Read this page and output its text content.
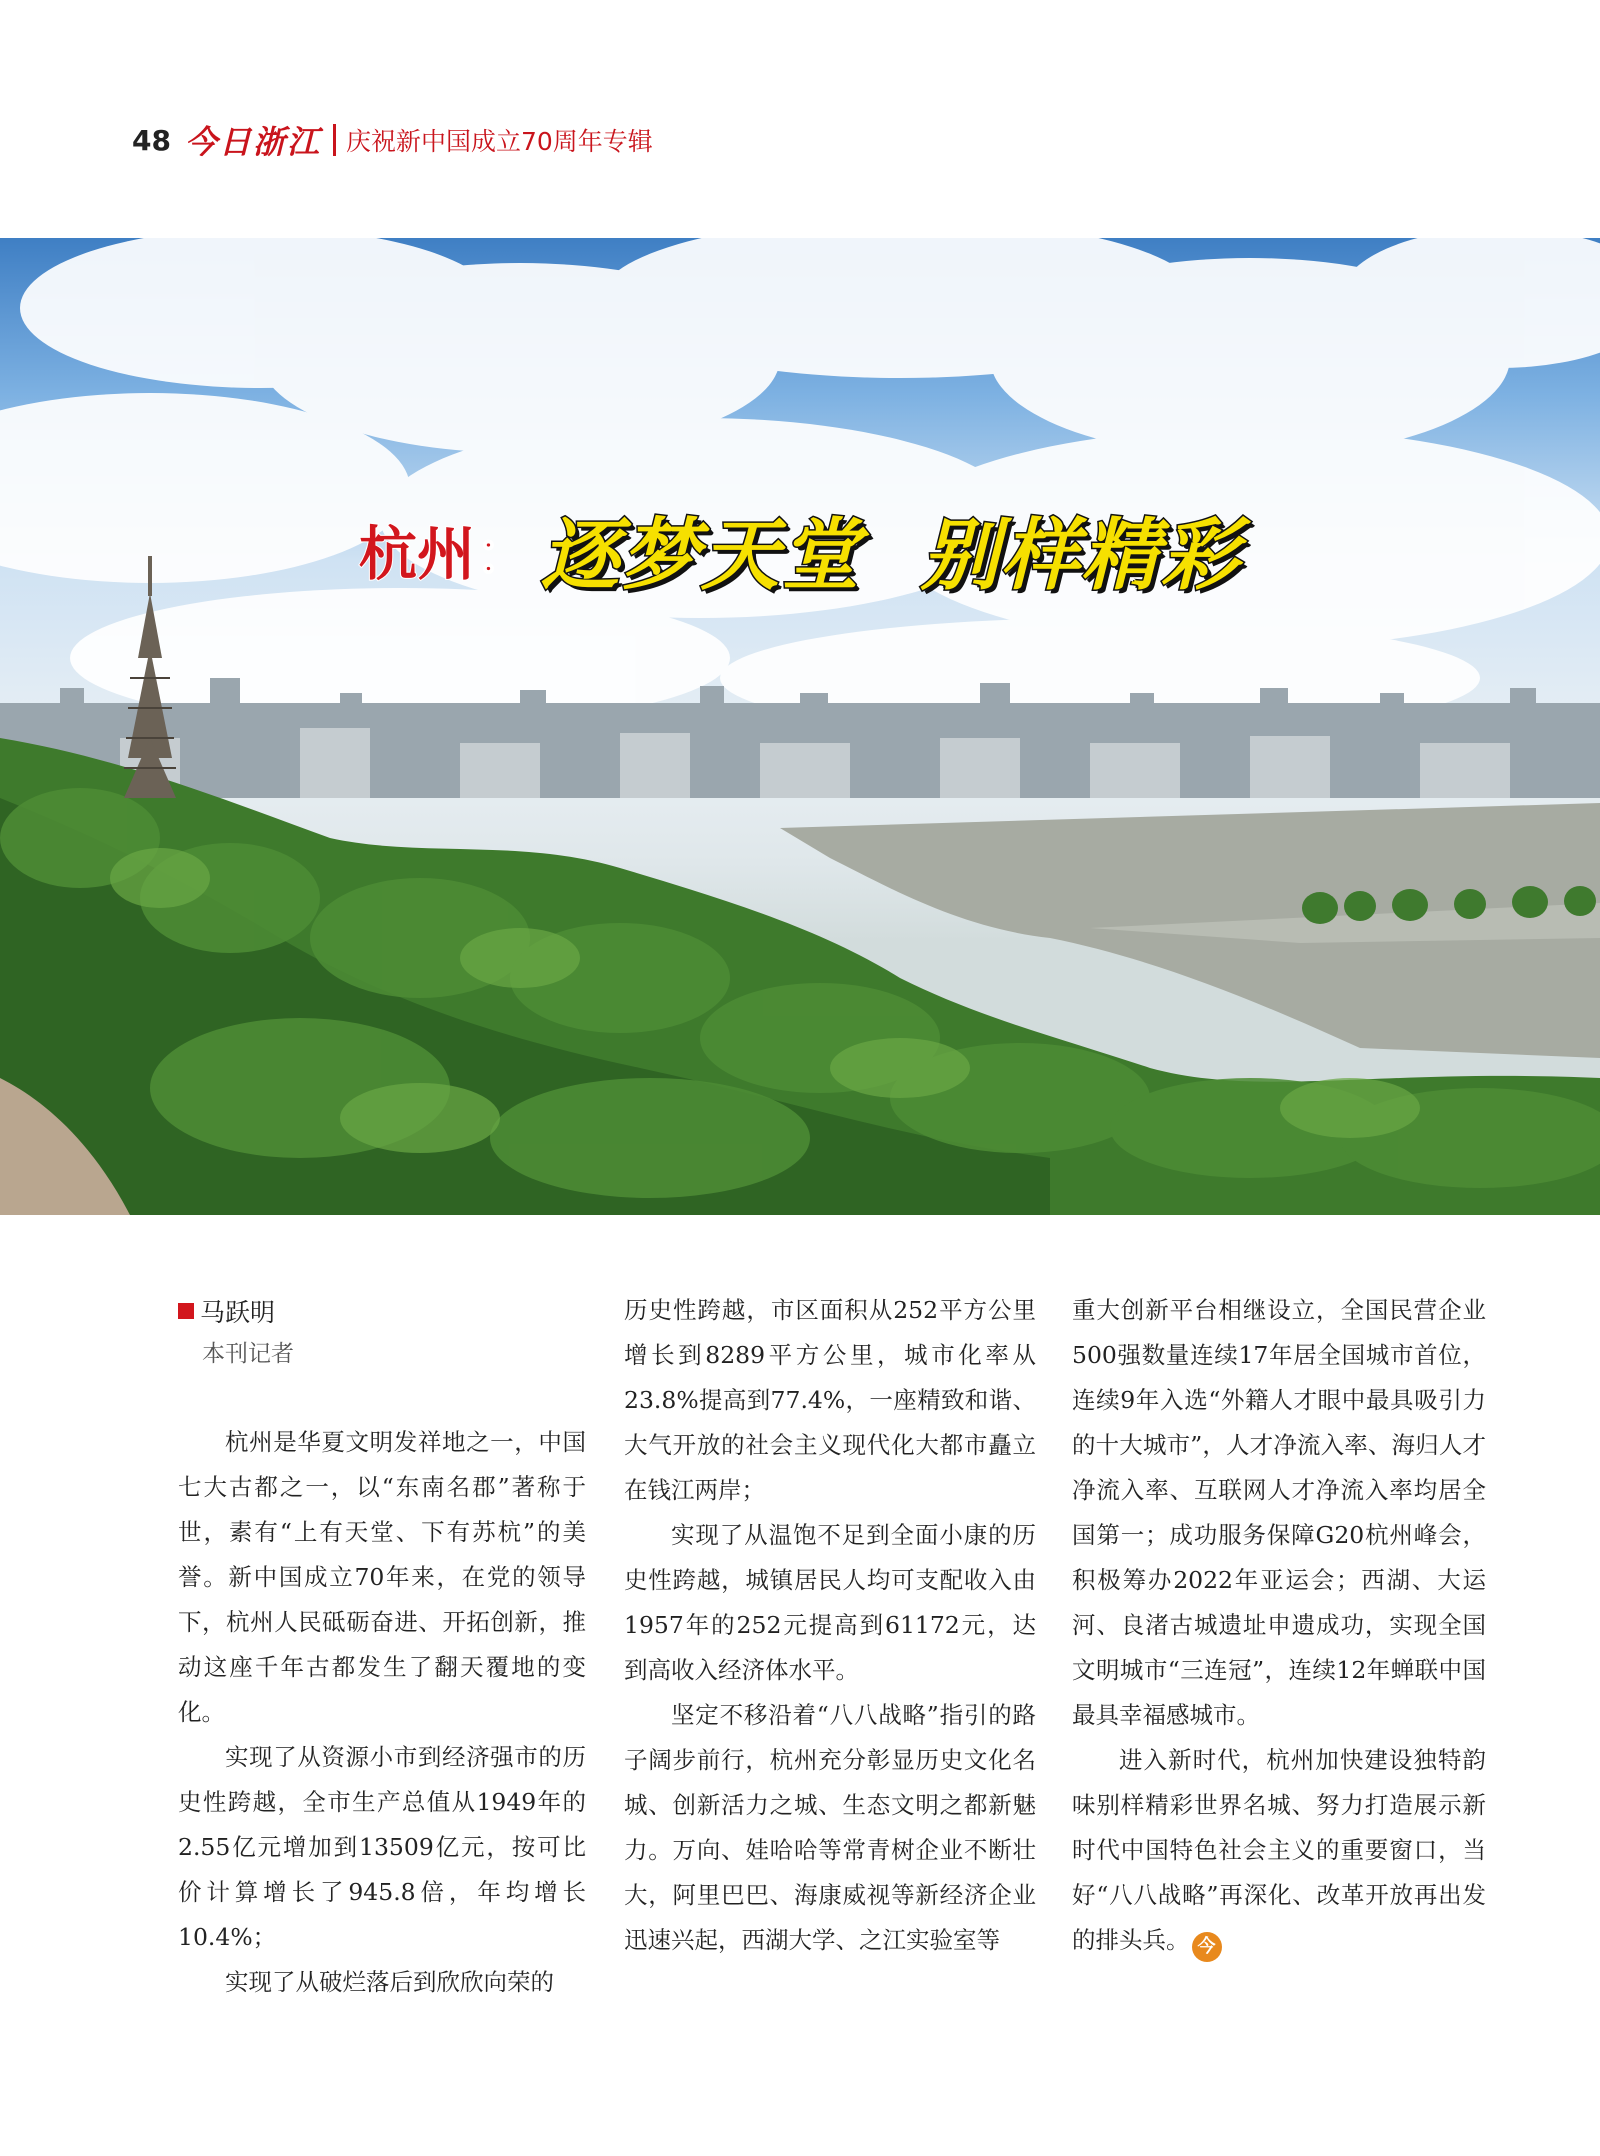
48 今日浙江 庆祝新中国成立70周年专辑
杭州： 逐梦天堂 别样精彩
马跃明
本刊记者

杭州是华夏文明发祥地之一，中国七大古都之一，以“东南名郡”著称于世，素有“上有天堂、下有苏杭”的美誉。新中国成立70年来，在党的领导下，杭州人民砥砺奋进、开拓创新，推动这座千年古都发生了翻天覆地的变化。

实现了从资源小市到经济强市的历史性跨越，全市生产总值从1949年的2.55亿元增加到13509亿元，按可比价计算增长了945.8倍，年均增长10.4%；

实现了从破烂落后到欣欣向荣的

历史性跨越，市区面积从252平方公里增长到8289平方公里，城市化率从23.8%提高到77.4%，一座精致和谐、大气开放的社会主义现代化大都市矗立在钱江两岸；

实现了从温饱不足到全面小康的历史性跨越，城镇居民人均可支配收入由1957年的252元提高到61172元，达到高收入经济体水平。

坚定不移沿着“八八战略”指引的路子阔步前行，杭州充分彰显历史文化名城、创新活力之城、生态文明之都新魅力。万向、娃哈哈等常青树企业不断壮大，阿里巴巴、海康威视等新经济企业迅速兴起，西湖大学、之江实验室等

重大创新平台相继设立，全国民营企业500强数量连续17年居全国城市首位，连续9年入选“外籍人才眼中最具吸引力的十大城市”，人才净流入率、海归人才净流入率、互联网人才净流入率均居全国第一；成功服务保障G20杭州峰会，积极筹办2022年亚运会；西湖、大运河、良渚古城遗址申遗成功，实现全国文明城市“三连冠”，连续12年蝉联中国最具幸福感城市。

进入新时代，杭州加快建设独特韵味别样精彩世界名城、努力打造展示新时代中国特色社会主义的重要窗口，当好“八八战略”再深化、改革开放再出发的排头兵。 今
